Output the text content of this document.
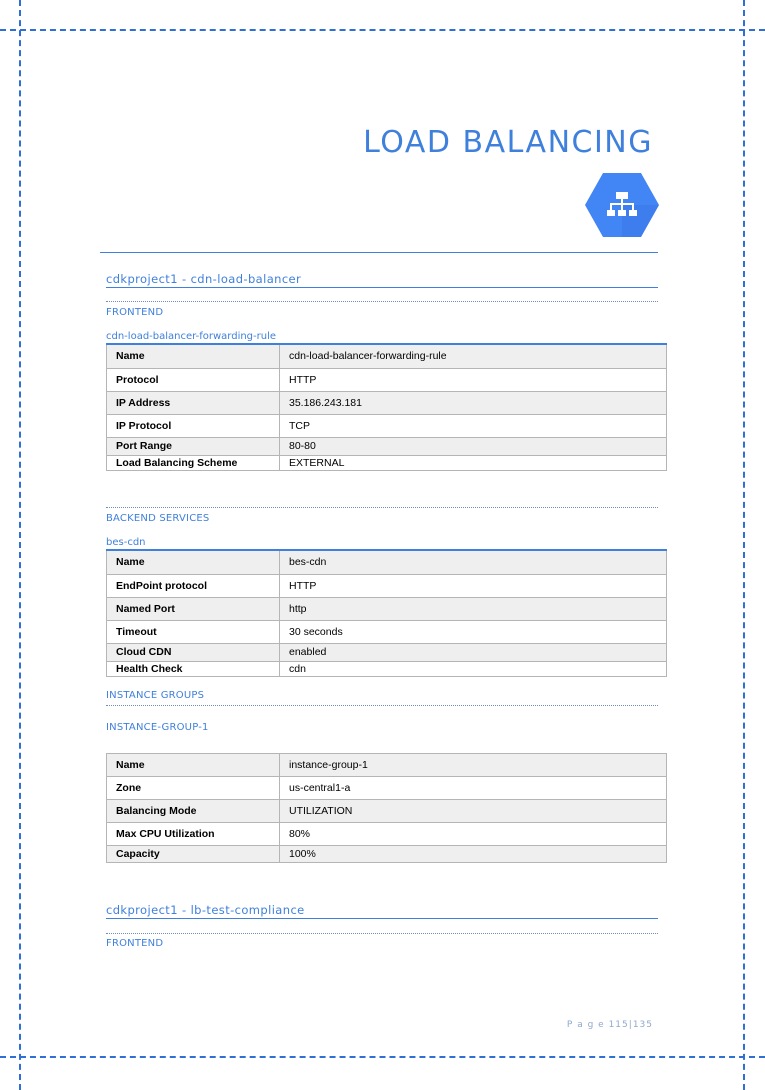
LOAD BALANCING
cdkproject1 - cdn-load-balancer
FRONTEND
cdn-load-balancer-forwarding-rule
Name	cdn-load-balancer-forwarding-rule
Protocol	HTTP
IP Address	35.186.243.181
IP Protocol	TCP
Port Range	80-80
Load Balancing Scheme	EXTERNAL
BACKEND SERVICES
bes-cdn
Name	bes-cdn
EndPoint protocol	HTTP
Named Port	http
Timeout	30 seconds
Cloud CDN	enabled
Health Check	cdn
INSTANCE GROUPS
INSTANCE-GROUP-1
Name	instance-group-1
Zone	us-central1-a
Balancing Mode	UTILIZATION
Max CPU Utilization	80%
Capacity	100%
cdkproject1 - lb-test-compliance
FRONTEND
P a g e 115|135
